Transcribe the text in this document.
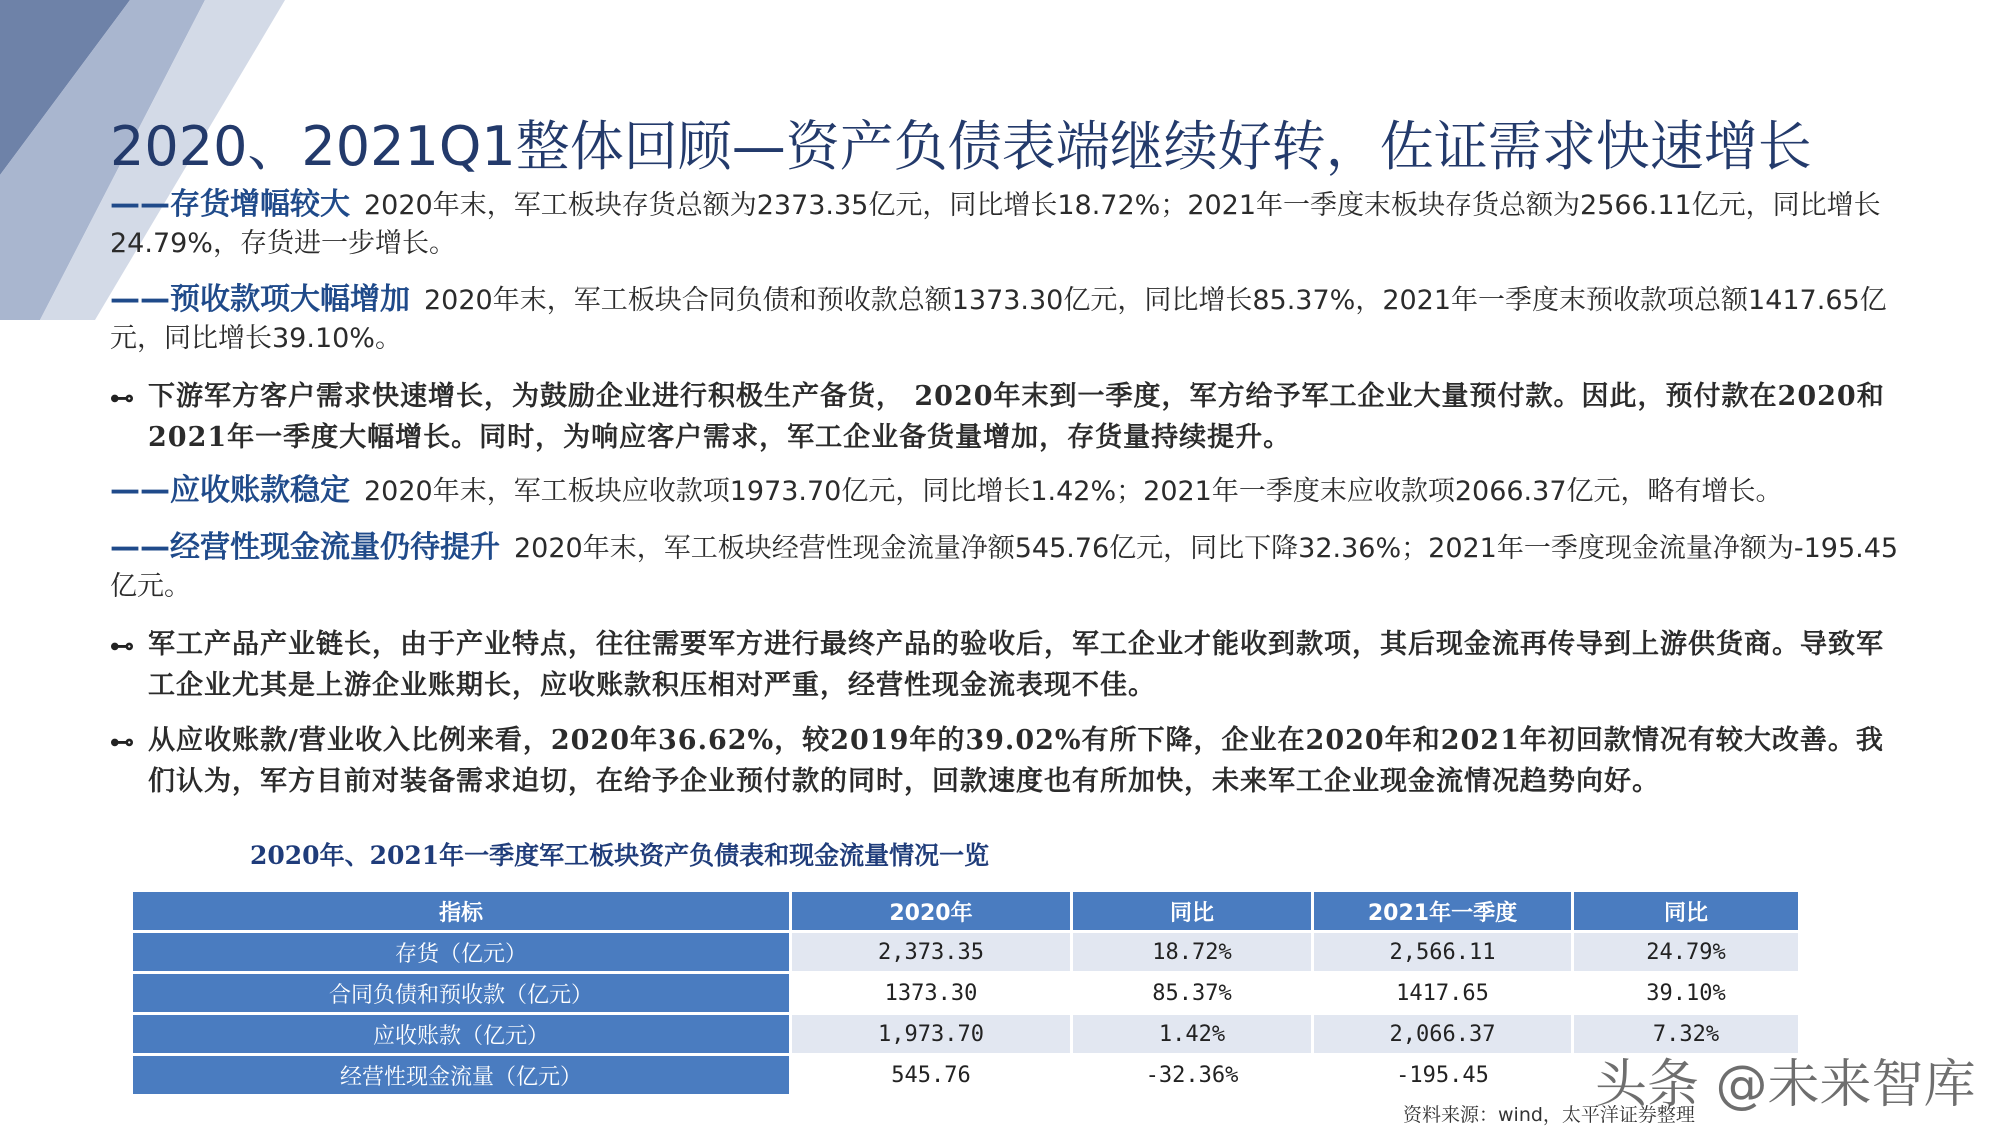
2020、2021Q1整体回顾—资产负债表端继续好转，佐证需求快速增长

——存货增幅较大 2020年末，军工板块存货总额为2373.35亿元，同比增长18.72%；2021年一季度末板块存货总额为2566.11亿元，同比增长24.79%，存货进一步增长。

——预收款项大幅增加 2020年末，军工板块合同负债和预收款总额1373.30亿元，同比增长85.37%，2021年一季度末预收款项总额1417.65亿元，同比增长39.10%。

⊷ 下游军方客户需求快速增长，为鼓励企业进行积极生产备货， 2020年末到一季度，军方给予军工企业大量预付款。因此，预付款在2020和2021年一季度大幅增长。同时，为响应客户需求，军工企业备货量增加，存货量持续提升。

——应收账款稳定 2020年末，军工板块应收款项1973.70亿元，同比增长1.42%；2021年一季度末应收款项2066.37亿元，略有增长。

——经营性现金流量仍待提升 2020年末，军工板块经营性现金流量净额545.76亿元，同比下降32.36%；2021年一季度现金流量净额为-195.45亿元。

⊷ 军工产品产业链长，由于产业特点，往往需要军方进行最终产品的验收后，军工企业才能收到款项，其后现金流再传导到上游供货商。导致军工企业尤其是上游企业账期长，应收账款积压相对严重，经营性现金流表现不佳。

⊷ 从应收账款/营业收入比例来看，2020年36.62%，较2019年的39.02%有所下降，企业在2020年和2021年初回款情况有较大改善。我们认为，军方目前对装备需求迫切，在给予企业预付款的同时，回款速度也有所加快，未来军工企业现金流情况趋势向好。

2020年、2021年一季度军工板块资产负债表和现金流量情况一览

指标	2020年	同比	2021年一季度	同比
存货（亿元）	2,373.35	18.72%	2,566.11	24.79%
合同负债和预收款（亿元）	1373.30	85.37%	1417.65	39.10%
应收账款（亿元）	1,973.70	1.42%	2,066.37	7.32%
经营性现金流量（亿元）	545.76	-32.36%	-195.45	头条 @未来智库

资料来源：wind，太平洋证券整理
